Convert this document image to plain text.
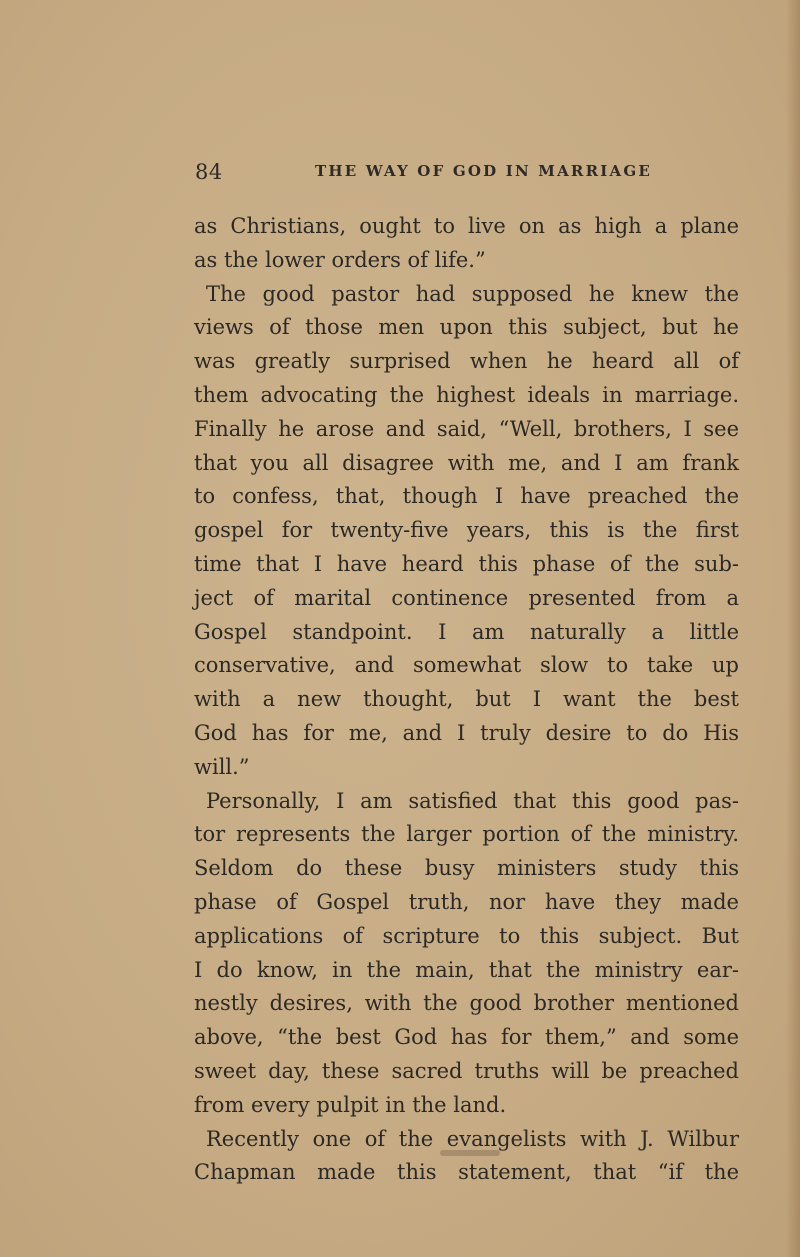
84	THE WAY OF GOD IN MARRIAGE
as Christians, ought to live on as high a plane
as the lower orders of life.”
The good pastor had supposed he knew the
views of those men upon this subject, but he
was greatly surprised when he heard all of
them advocating the highest ideals in marriage.
Finally he arose and said, “Well, brothers, I see
that you all disagree with me, and I am frank
to confess, that, though I have preached the
gospel for twenty-five years, this is the first
time that I have heard this phase of the sub-
ject of marital continence presented from a
Gospel standpoint. I am naturally a little
conservative, and somewhat slow to take up
with a new thought, but I want the best
God has for me, and I truly desire to do His
will.”
Personally, I am satisfied that this good pas-
tor represents the larger portion of the ministry.
Seldom do these busy ministers study this
phase of Gospel truth, nor have they made
applications of scripture to this subject. But
I do know, in the main, that the ministry ear-
nestly desires, with the good brother mentioned
above, “the best God has for them,” and some
sweet day, these sacred truths will be preached
from every pulpit in the land.
Recently one of the evangelists with J. Wilbur
Chapman made this statement, that “if the
